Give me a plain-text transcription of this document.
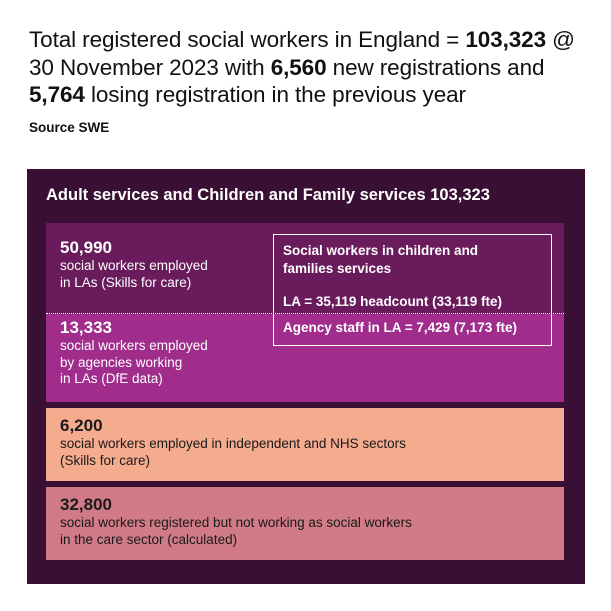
Total registered social workers in England = 103,323 @ 30 November 2023 with 6,560 new registrations and 5,764 losing registration in the previous year
Source SWE
Adult services and Children and Family services 103,323
50,990
social workers employed
in LAs (Skills for care)
13,333
social workers employed
by agencies working
in LAs (DfE data)
6,200
social workers employed in independent and NHS sectors
(Skills for care)
32,800
social workers registered but not working as social workers
in the care sector (calculated)
Social workers in children and
families services
LA = 35,119 headcount (33,119 fte)
Agency staff in LA = 7,429 (7,173 fte)
